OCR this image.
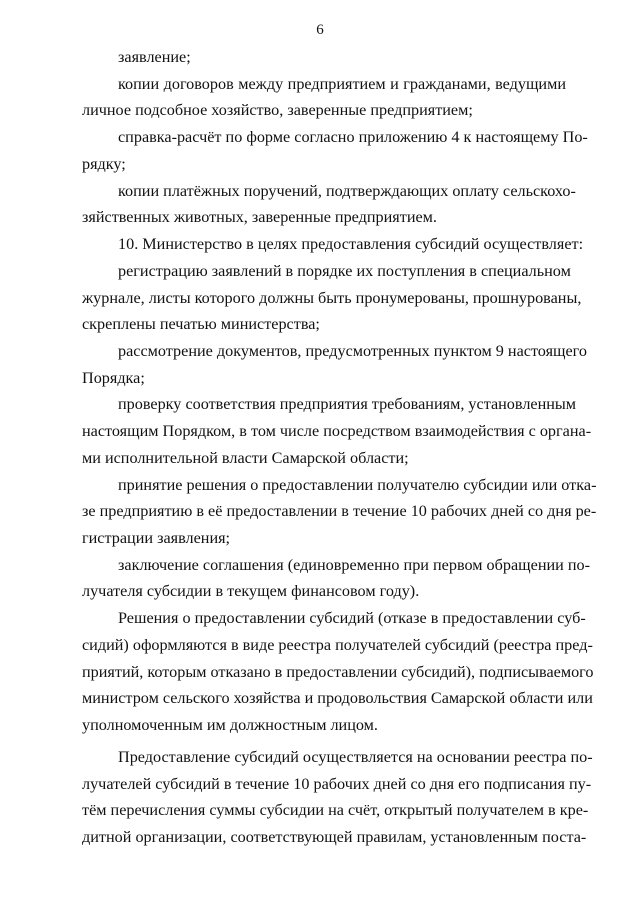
6
заявление;
копии договоров между предприятием и гражданами, ведущими
личное подсобное хозяйство, заверенные предприятием;
справка-расчёт по форме согласно приложению 4 к настоящему По-
рядку;
копии платёжных поручений, подтверждающих оплату сельскохо-
зяйственных животных, заверенные предприятием.
10. Министерство в целях предоставления субсидий осуществляет:
регистрацию заявлений в порядке их поступления в специальном
журнале, листы которого должны быть пронумерованы, прошнурованы,
скреплены печатью министерства;
рассмотрение документов, предусмотренных пунктом 9 настоящего
Порядка;
проверку соответствия предприятия требованиям, установленным
настоящим Порядком, в том числе посредством взаимодействия с органа-
ми исполнительной власти Самарской области;
принятие решения о предоставлении получателю субсидии или отка-
зе предприятию в её предоставлении в течение 10 рабочих дней со дня ре-
гистрации заявления;
заключение соглашения (единовременно при первом обращении по-
лучателя субсидии в текущем финансовом году).
Решения о предоставлении субсидий (отказе в предоставлении суб-
сидий) оформляются в виде реестра получателей субсидий (реестра пред-
приятий, которым отказано в предоставлении субсидий), подписываемого
министром сельского хозяйства и продовольствия Самарской области или
уполномоченным им должностным лицом.
Предоставление субсидий осуществляется на основании реестра по-
лучателей субсидий в течение 10 рабочих дней со дня его подписания пу-
тём перечисления суммы субсидии на счёт, открытый получателем в кре-
дитной организации, соответствующей правилам, установленным поста-
